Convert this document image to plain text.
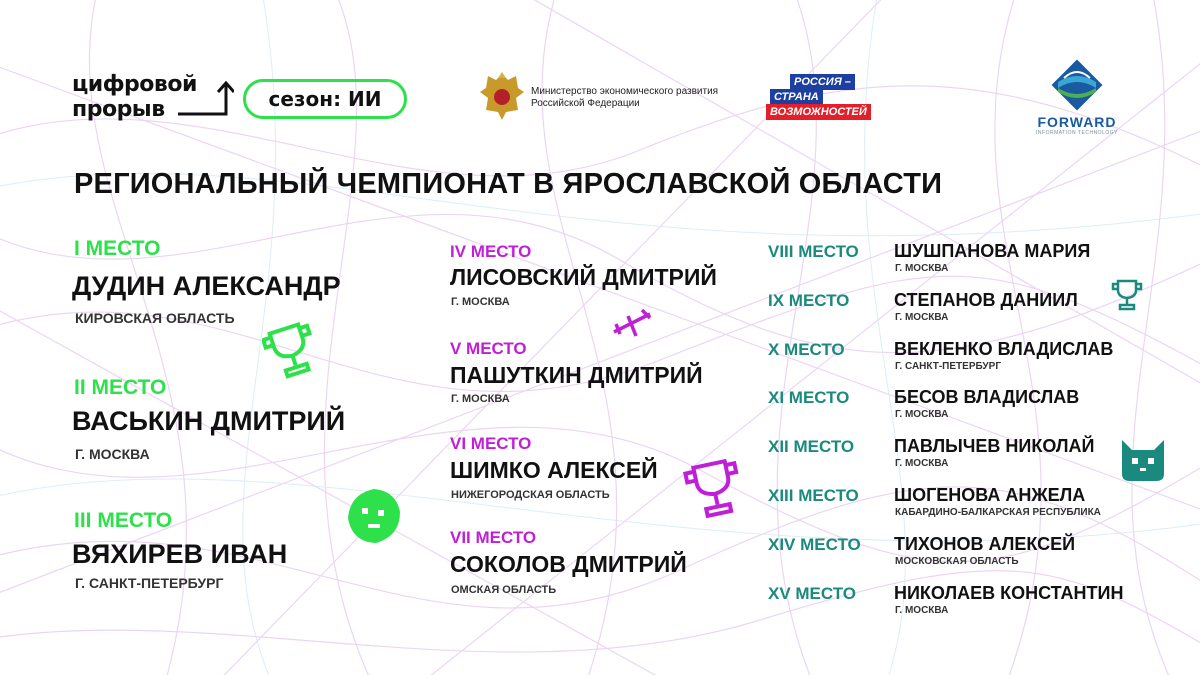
цифровой
прорыв	сезон: ИИ	Министерство экономического развития
Российской Федерации
РОССИЯ –
СТРАНА
ВОЗМОЖНОСТЕЙ
FORWARD
INFORMATION TECHNOLOGY
РЕГИОНАЛЬНЫЙ ЧЕМПИОНАТ В ЯРОСЛАВСКОЙ ОБЛАСТИ
I МЕСТО
ДУДИН АЛЕКСАНДР
КИРОВСКАЯ ОБЛАСТЬ
II МЕСТО
ВАСЬКИН ДМИТРИЙ
Г. МОСКВА
III МЕСТО
ВЯХИРЕВ ИВАН
Г. САНКТ-ПЕТЕРБУРГ
IV МЕСТО
ЛИСОВСКИЙ ДМИТРИЙ
Г. МОСКВА
V МЕСТО
ПАШУТКИН ДМИТРИЙ
Г. МОСКВА
VI МЕСТО
ШИМКО АЛЕКСЕЙ
НИЖЕГОРОДСКАЯ ОБЛАСТЬ
VII МЕСТО
СОКОЛОВ ДМИТРИЙ
ОМСКАЯ ОБЛАСТЬ
VIII МЕСТО ШУШПАНОВА МАРИЯ
Г. МОСКВА
IX МЕСТО СТЕПАНОВ ДАНИИЛ
Г. МОСКВА
X МЕСТО	ВЕКЛЕНКО ВЛАДИСЛАВ
Г. САНКТ-ПЕТЕРБУРГ
XI МЕСТО БЕСОВ ВЛАДИСЛАВ
Г. МОСКВА
XII МЕСТО ПАВЛЫЧЕВ НИКОЛАЙ
Г. МОСКВА
XIII МЕСТО ШОГЕНОВА АНЖЕЛА
КАБАРДИНО-БАЛКАРСКАЯ РЕСПУБЛИКА
XIV МЕСТО ТИХОНОВ АЛЕКСЕЙ
МОСКОВСКАЯ ОБЛАСТЬ
XV МЕСТО НИКОЛАЕВ КОНСТАНТИН
Г. МОСКВА
